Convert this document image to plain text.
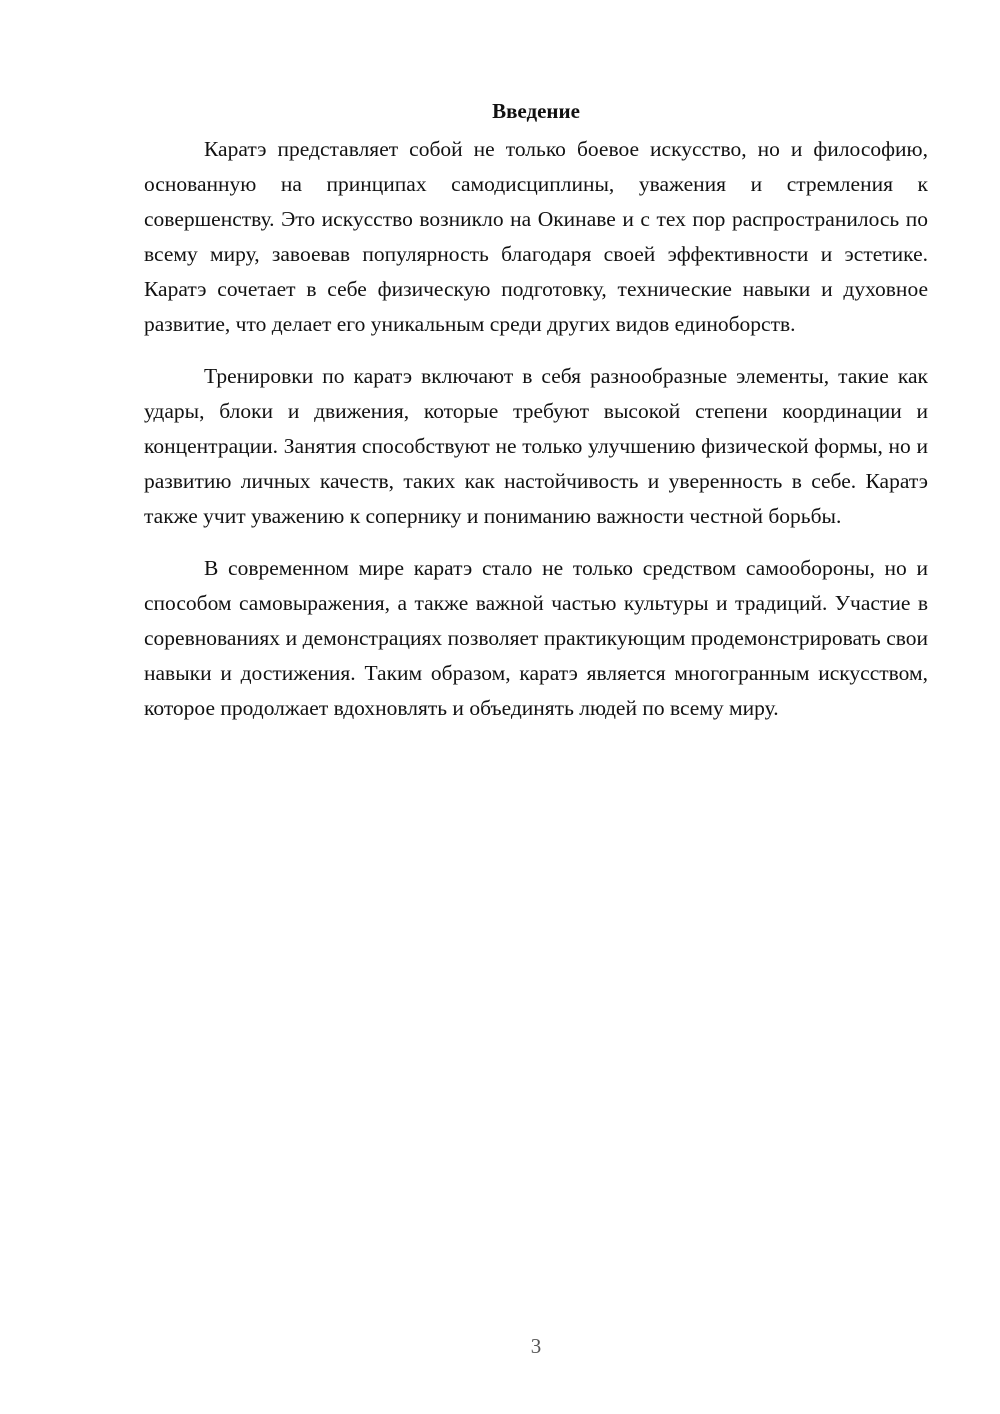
Введение

Каратэ представляет собой не только боевое искусство, но и философию, основанную на принципах самодисциплины, уважения и стремления к совершенству. Это искусство возникло на Окинаве и с тех пор распространилось по всему миру, завоевав популярность благодаря своей эффективности и эстетике. Каратэ сочетает в себе физическую подготовку, технические навыки и духовное развитие, что делает его уникальным среди других видов единоборств.

Тренировки по каратэ включают в себя разнообразные элементы, такие как удары, блоки и движения, которые требуют высокой степени координации и концентрации. Занятия способствуют не только улучшению физической формы, но и развитию личных качеств, таких как настойчивость и уверенность в себе. Каратэ также учит уважению к сопернику и пониманию важности честной борьбы.

В современном мире каратэ стало не только средством самообороны, но и способом самовыражения, а также важной частью культуры и традиций. Участие в соревнованиях и демонстрациях позволяет практикующим продемонстрировать свои навыки и достижения. Таким образом, каратэ является многогранным искусством, которое продолжает вдохновлять и объединять людей по всему миру.

3
